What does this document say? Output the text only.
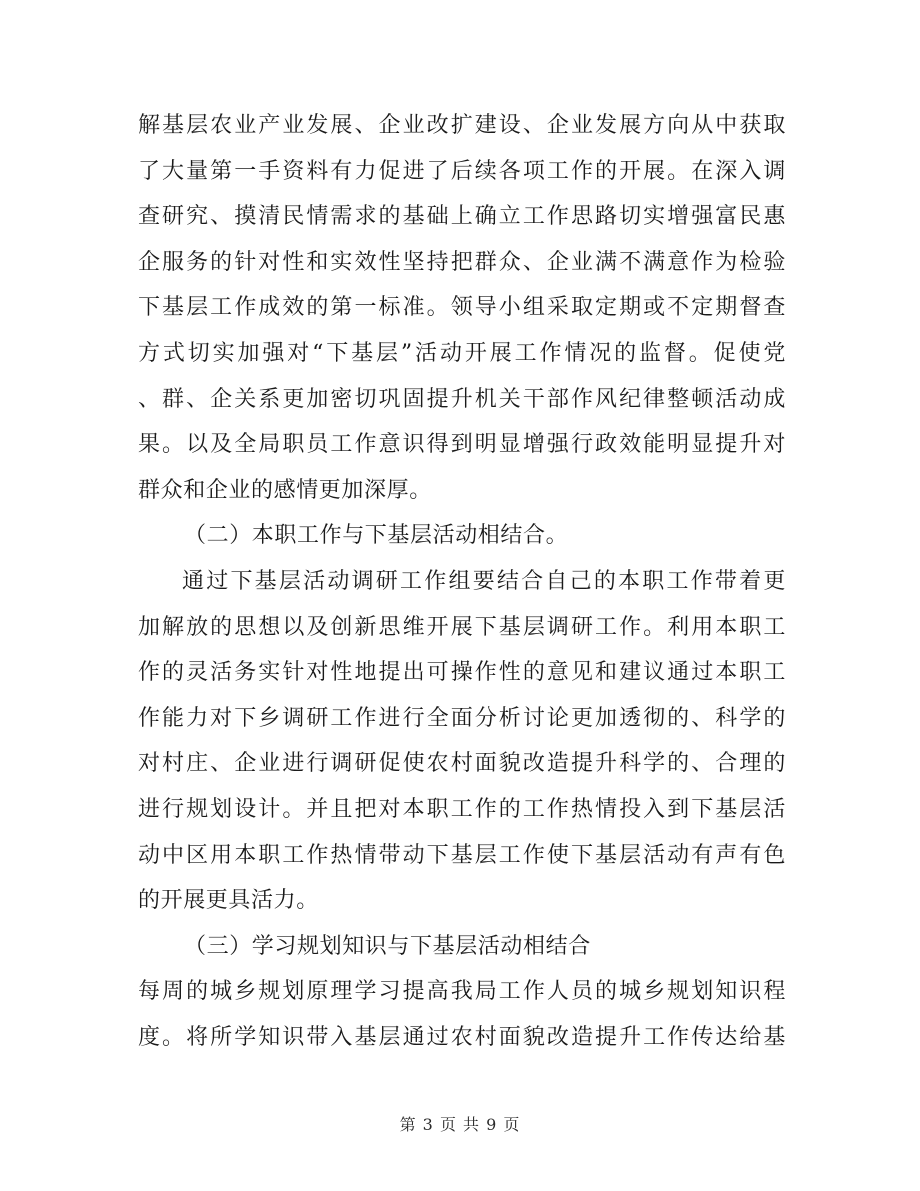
解基层农业产业发展、企业改扩建设、企业发展方向从中获取
了大量第一手资料有力促进了后续各项工作的开展。在深入调
查研究、摸清民情需求的基础上确立工作思路切实增强富民惠
企服务的针对性和实效性坚持把群众、企业满不满意作为检验
下基层工作成效的第一标准。领导小组采取定期或不定期督查
方式切实加强对“下基层”活动开展工作情况的监督。促使党
、群、企关系更加密切巩固提升机关干部作风纪律整顿活动成
果。以及全局职员工作意识得到明显增强行政效能明显提升对
群众和企业的感情更加深厚。
（二）本职工作与下基层活动相结合。
通过下基层活动调研工作组要结合自己的本职工作带着更
加解放的思想以及创新思维开展下基层调研工作。利用本职工
作的灵活务实针对性地提出可操作性的意见和建议通过本职工
作能力对下乡调研工作进行全面分析讨论更加透彻的、科学的
对村庄、企业进行调研促使农村面貌改造提升科学的、合理的
进行规划设计。并且把对本职工作的工作热情投入到下基层活
动中区用本职工作热情带动下基层工作使下基层活动有声有色
的开展更具活力。
（三）学习规划知识与下基层活动相结合
每周的城乡规划原理学习提高我局工作人员的城乡规划知识程
度。将所学知识带入基层通过农村面貌改造提升工作传达给基
第 3 页 共 9 页
